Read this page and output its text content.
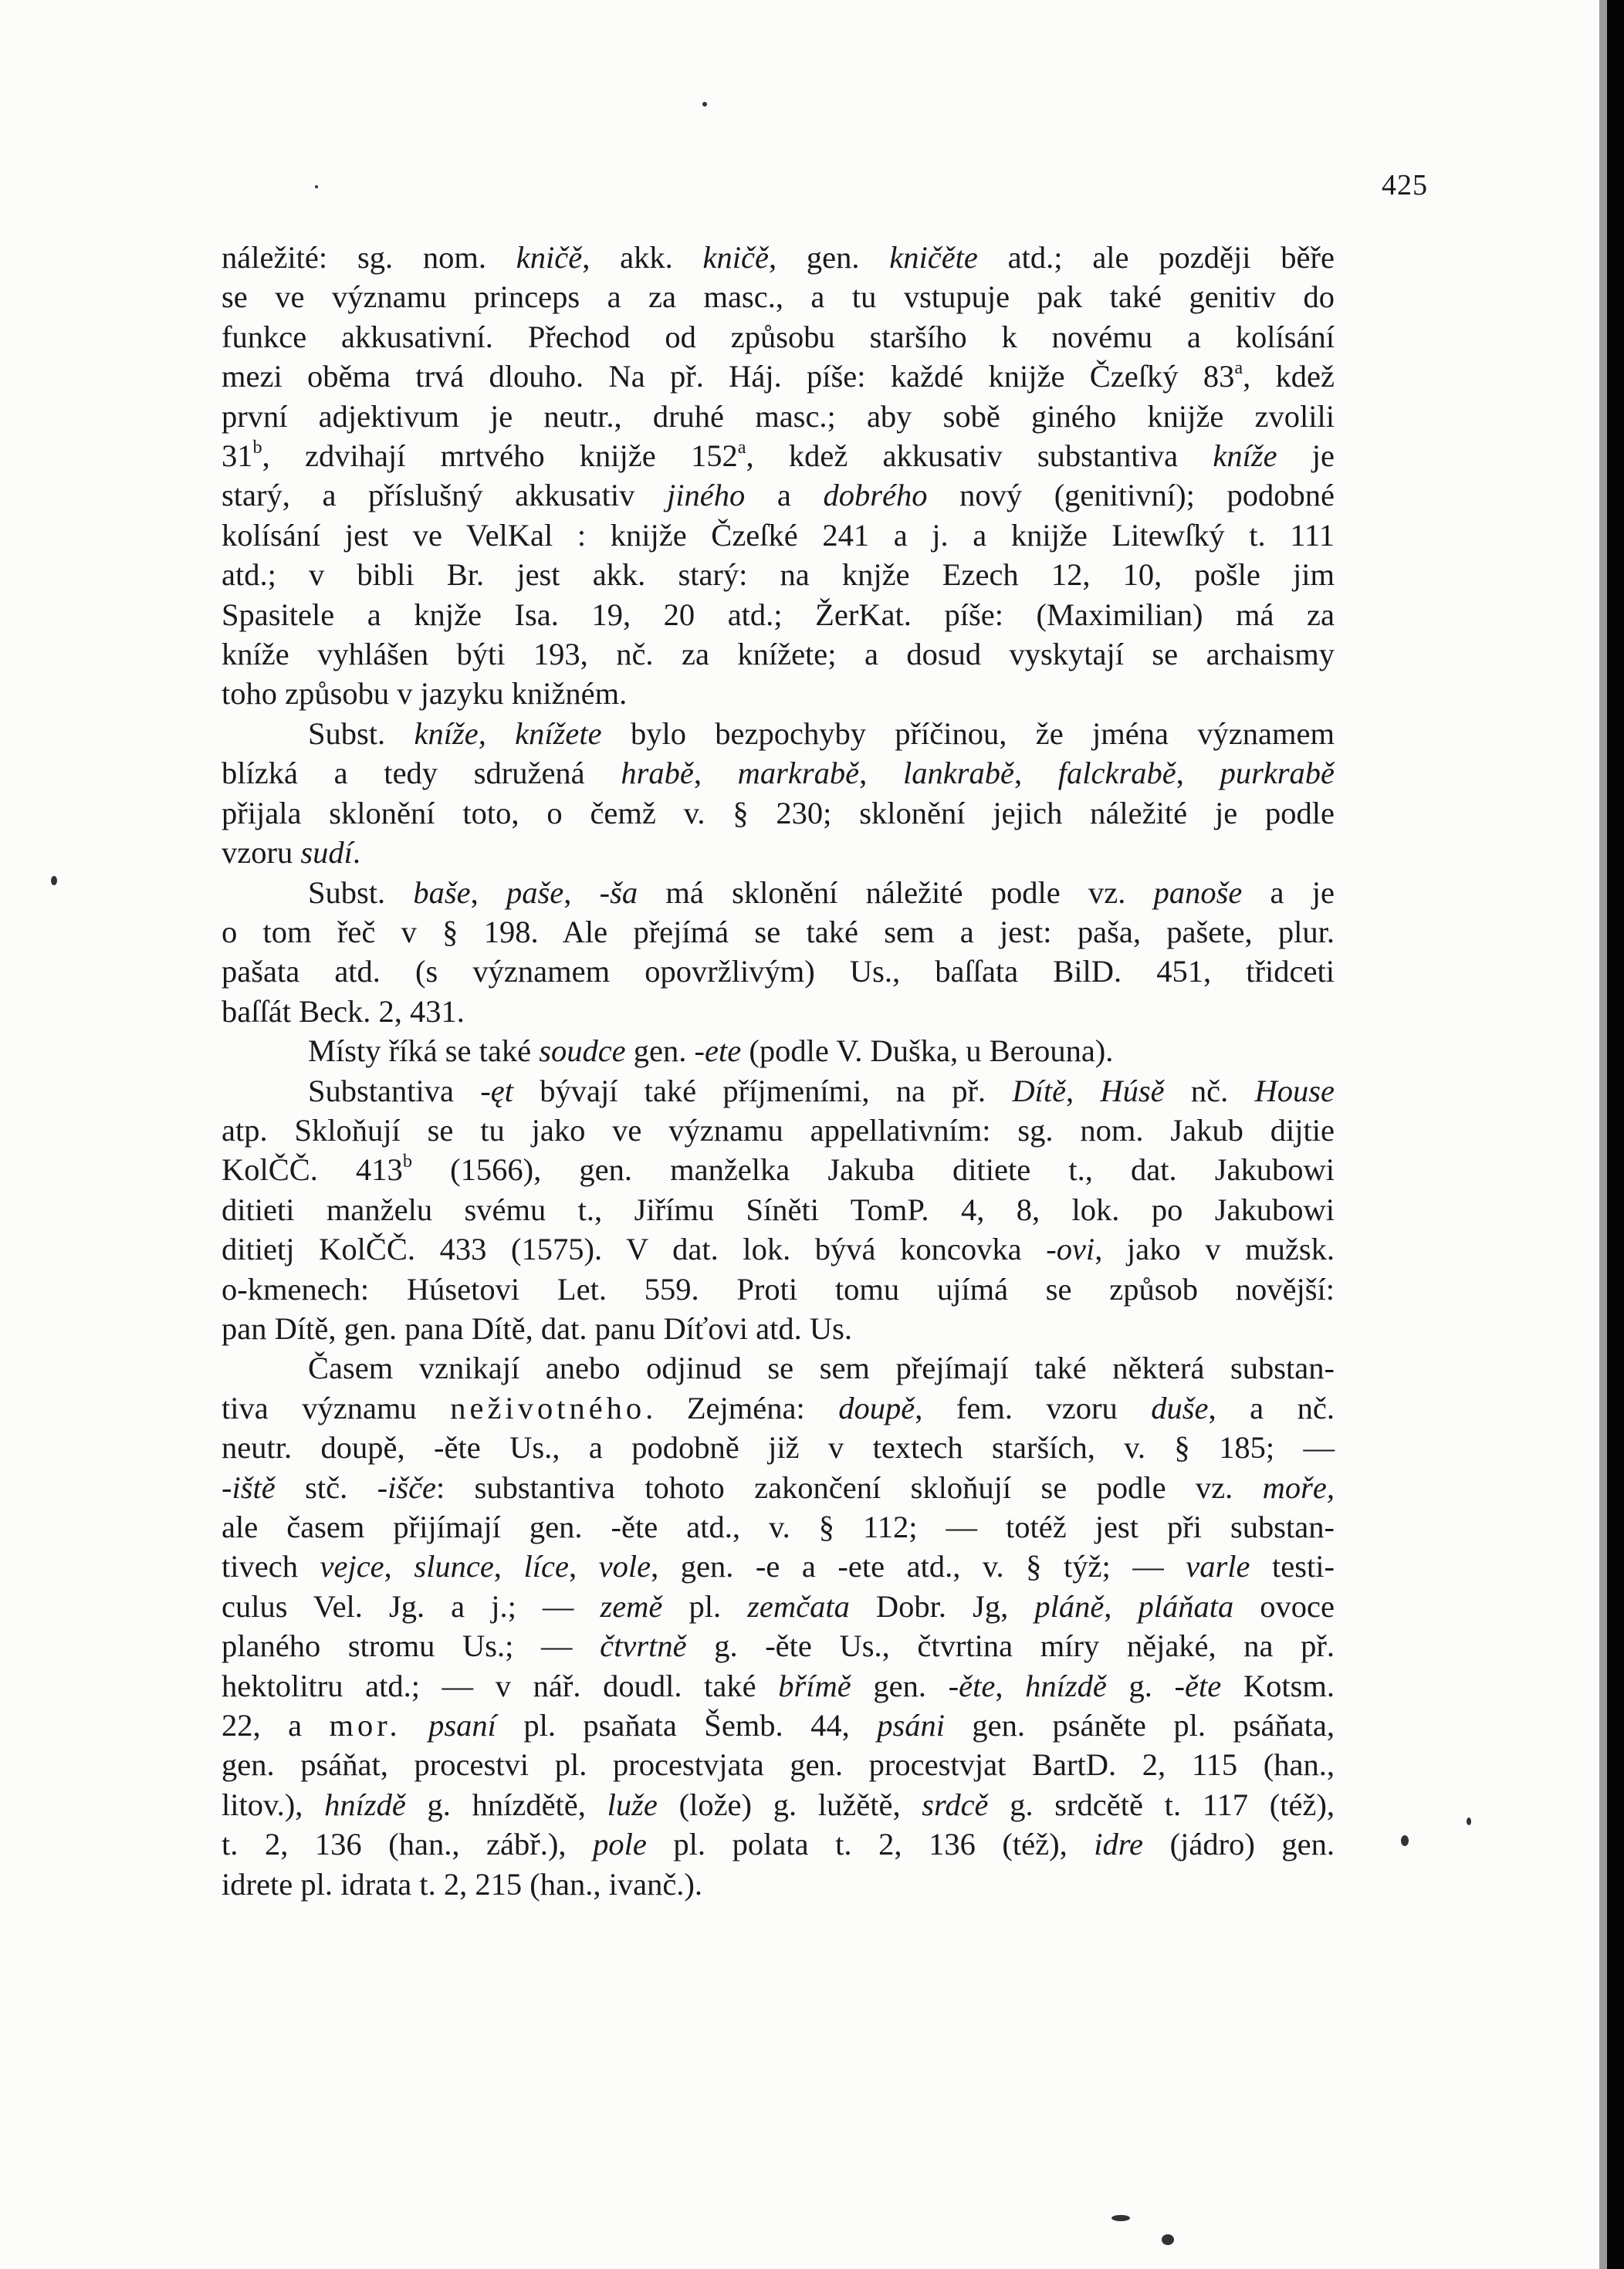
425
náležité: sg. nom. kničě, akk. kničě, gen. kničěte atd.; ale později běře
se ve významu princeps a za masc., a tu vstupuje pak také genitiv do
funkce akkusativní. Přechod od způsobu staršího k novému a kolísání
mezi oběma trvá dlouho. Na př. Háj. píše: každé knijže Čzeſký 83$^a$, kdež
první adjektivum je neutr., druhé masc.; aby sobě giného knijže zvolili
31$^b$, zdvihají mrtvého knijže 152$^a$, kdež akkusativ substantiva kníže je
starý, a příslušný akkusativ jiného a dobrého nový (genitivní); podobné
kolísání jest ve VelKal : knijže Čzeſké 241 a j. a knijže Litewſký t. 111
atd.; v bibli Br. jest akk. starý: na knjže Ezech 12, 10, pošle jim
Spasitele a knjže Isa. 19, 20 atd.; ŽerKat. píše: (Maximilian) má za
kníže vyhlášen býti 193, nč. za knížete; a dosud vyskytají se archaismy
toho způsobu v jazyku knižném.
Subst. kníže, knížete bylo bezpochyby příčinou, že jména významem
blízká a tedy sdružená hrabě, markrabě, lankrabě, falckrabě, purkrabě
přijala sklonění toto, o čemž v. § 230; sklonění jejich náležité je podle
vzoru sudí.
Subst. baše, paše, -ša má sklonění náležité podle vz. panoše a je
o tom řeč v § 198. Ale přejímá se také sem a jest: paša, pašete, plur.
pašata atd. (s významem opovržlivým) Us., baſſata BilD. 451, třidceti
baſſát Beck. 2, 431.
Místy říká se také soudce gen. -ete (podle V. Duška, u Berouna).
Substantiva -ęt bývají také příjmeními, na př. Dítě, Húsě nč. House
atp. Skloňují se tu jako ve významu appellativním: sg. nom. Jakub dijtie
KolČČ. 413$^b$ (1566), gen. manželka Jakuba ditiete t., dat. Jakubowi
ditieti manželu svému t., Jiřímu Síněti TomP. 4, 8, lok. po Jakubowi
ditietj KolČČ. 433 (1575). V dat. lok. bývá koncovka -ovi, jako v mužsk.
o-kmenech: Húsetovi Let. 559. Proti tomu ujímá se způsob novější:
pan Dítě, gen. pana Dítě, dat. panu Díťovi atd. Us.
Časem vznikají anebo odjinud se sem přejímají také některá substan-
tiva významu neživotného. Zejména: doupě, fem. vzoru duše, a nč.
neutr. doupě, -ěte Us., a podobně již v textech starších, v. § 185; —
-iště stč. -išče: substantiva tohoto zakončení skloňují se podle vz. moře,
ale časem přijímají gen. -ěte atd., v. § 112; — totéž jest při substan-
tivech vejce, slunce, líce, vole, gen. -e a -ete atd., v. § týž; — varle testi-
culus Vel. Jg. a j.; — země pl. zemčata Dobr. Jg, pláně, pláňata ovoce
planého stromu Us.; — čtvrtně g. -ěte Us., čtvrtina míry nějaké, na př.
hektolitru atd.; — v nář. doudl. také břímě gen. -ěte, hnízdě g. -ěte Kotsm.
22, a mor. psaní pl. psaňata Šemb. 44, psáni gen. psáněte pl. psáňata,
gen. psáňat, procestvi pl. procestvjata gen. procestvjat BartD. 2, 115 (han.,
litov.), hnízdě g. hnízdětě, luže (lože) g. lužětě, srdcě g. srdcětě t. 117 (též),
t. 2, 136 (han., zábř.), pole pl. polata t. 2, 136 (též), idre (jádro) gen.
idrete pl. idrata t. 2, 215 (han., ivanč.).
